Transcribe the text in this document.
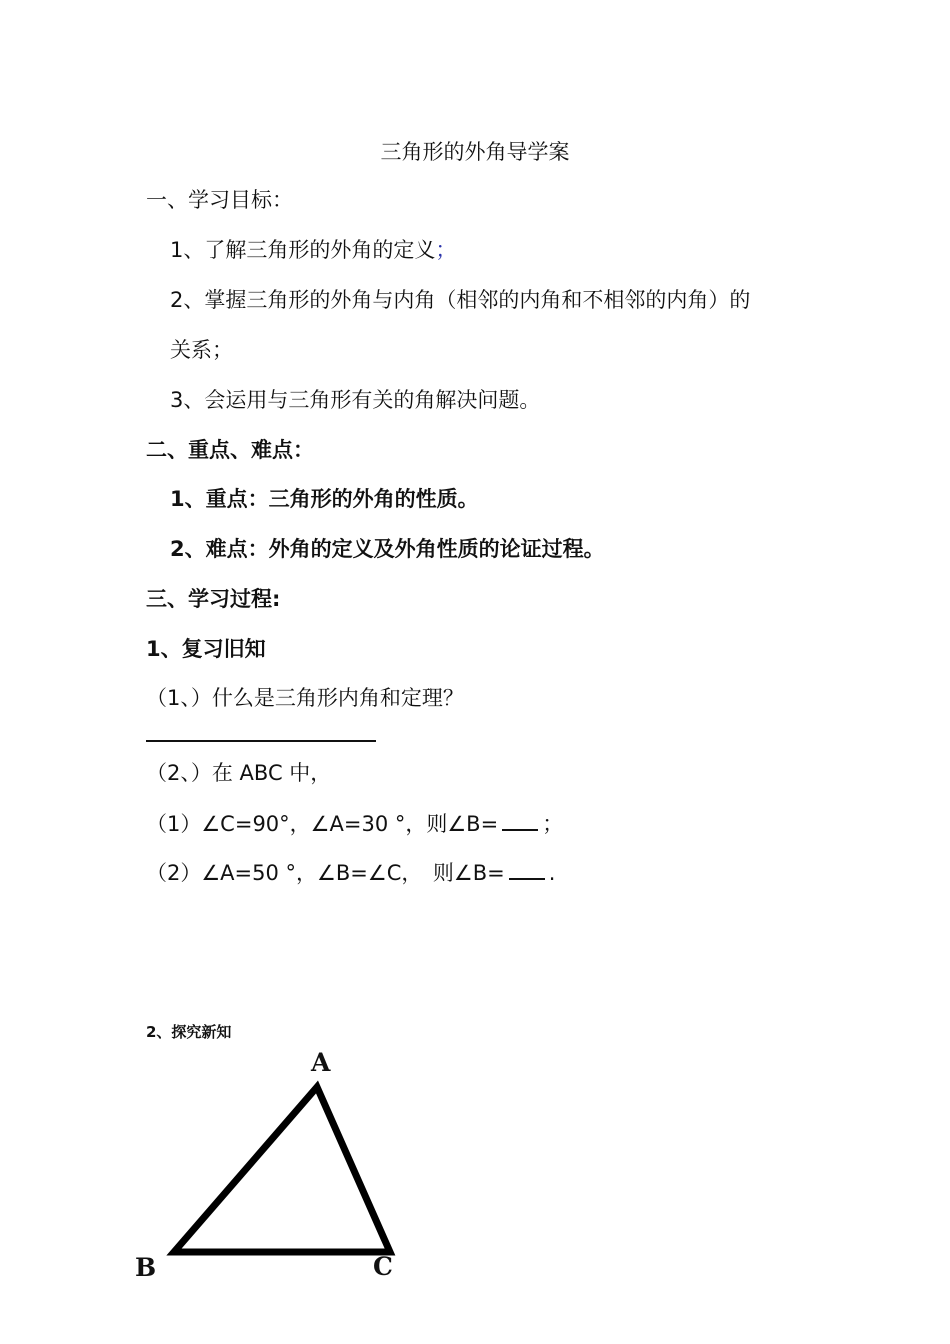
三角形的外角导学案
一、学习目标：
1、了解三角形的外角的定义；
2、掌握三角形的外角与内角（相邻的内角和不相邻的内角）的
关系；
3、会运用与三角形有关的角解决问题。
二、重点、难点：
1、重点：三角形的外角的性质。
2、难点：外角的定义及外角性质的论证过程。
三、学习过程:
1、复习旧知
（1、）什么是三角形内角和定理？
（2、）在 ABC 中，
（1）∠C=90°，∠A=30 °，则∠B= ；
（2）∠A=50 °，∠B=∠C，　则∠B= .
2、探究新知
A
B	C
